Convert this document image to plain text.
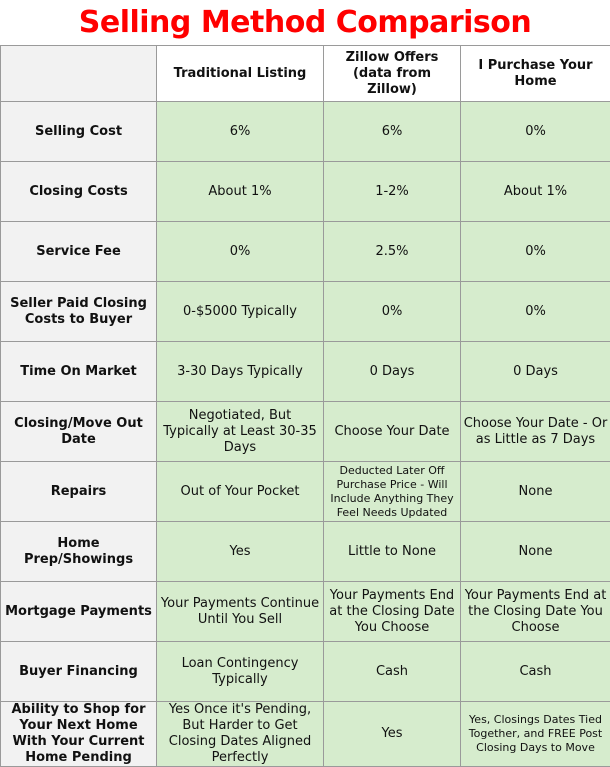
Selling Method Comparison
	Traditional Listing	Zillow Offers (data from Zillow)	I Purchase Your Home
Selling Cost	6%	6%	0%
Closing Costs	About 1%	1-2%	About 1%
Service Fee	0%	2.5%	0%
Seller Paid Closing Costs to Buyer	0-$5000 Typically	0%	0%
Time On Market	3-30 Days Typically	0 Days	0 Days
Closing/Move Out Date	Negotiated, But Typically at Least 30-35 Days	Choose Your Date	Choose Your Date - Or as Little as 7 Days
Repairs	Out of Your Pocket	Deducted Later Off Purchase Price - Will Include Anything They Feel Needs Updated	None
Home Prep/Showings	Yes	Little to None	None
Mortgage Payments	Your Payments Continue Until You Sell	Your Payments End at the Closing Date You Choose	Your Payments End at the Closing Date You Choose
Buyer Financing	Loan Contingency Typically	Cash	Cash
Ability to Shop for Your Next Home With Your Current Home Pending	Yes Once it's Pending, But Harder to Get Closing Dates Aligned Perfectly	Yes	Yes, Closings Dates Tied Together, and FREE Post Closing Days to Move
